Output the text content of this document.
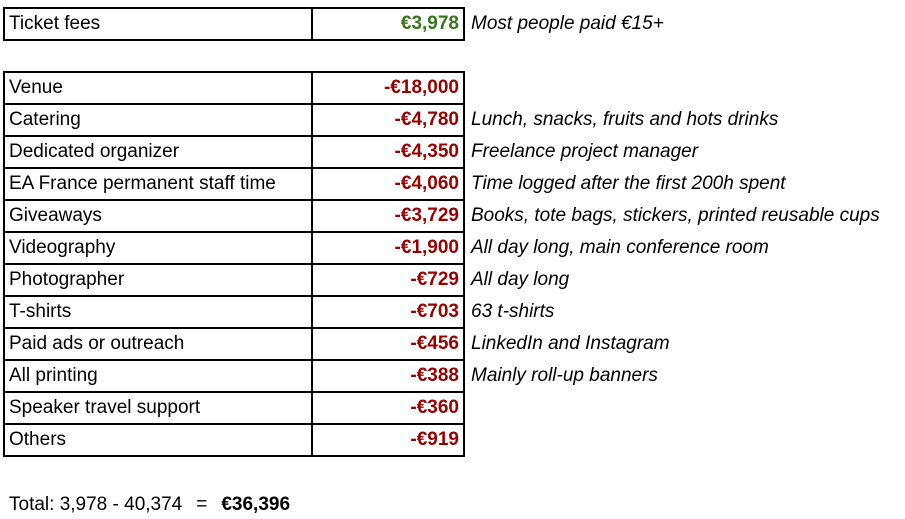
Ticket fees	€3,978	Most people paid €15+
Venue	-€18,000	
Catering	-€4,780	Lunch, snacks, fruits and hots drinks
Dedicated organizer	-€4,350	Freelance project manager
EA France permanent staff time	-€4,060	Time logged after the first 200h spent
Giveaways	-€3,729	Books, tote bags, stickers, printed reusable cups
Videography	-€1,900	All day long, main conference room
Photographer	-€729	All day long
T-shirts	-€703	63 t-shirts
Paid ads or outreach	-€456	LinkedIn and Instagram
All printing	-€388	Mainly roll-up banners
Speaker travel support	-€360	
Others	-€919	
Total: 3,978 - 40,374 = €36,396
